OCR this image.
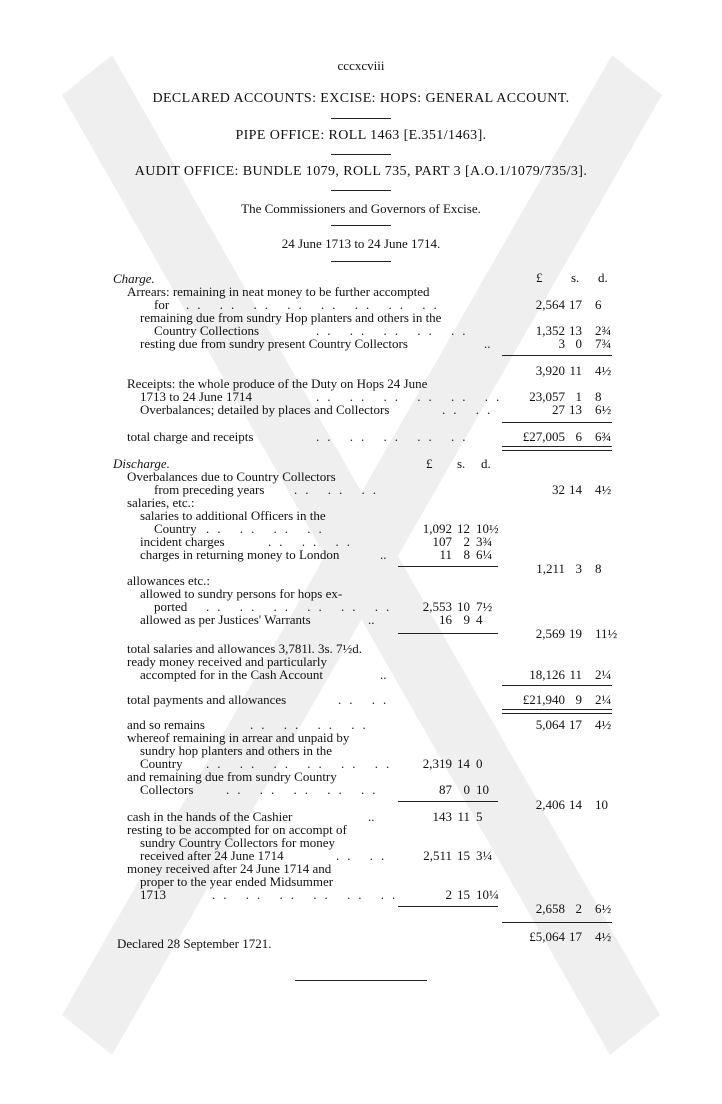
cccxcviii
DECLARED ACCOUNTS: EXCISE: HOPS: GENERAL ACCOUNT.
PIPE OFFICE: ROLL 1463 [E.351/1463].
AUDIT OFFICE: BUNDLE 1079, ROLL 735, PART 3 [A.O.1/1079/735/3].
The Commissioners and Governors of Excise.
24 June 1713 to 24 June 1714.
£ s. d.
Charge.
Arrears: remaining in neat money to be further accompted
for .. .. .. .. .. .. .. ..	2,564 17 6
remaining due from sundry Hop planters and others in the
Country Collections	.. .. .. .. ..	1,352 13 2¾
resting due from sundry present Country Collectors	..	3 0 7¾
3,920 11 4½
Receipts: the whole produce of the Duty on Hops 24 June
1713 to 24 June 1714	.. .. .. .. .. ..	23,057 1 8
Overbalances; detailed by places and Collectors	.. ..	27 13 6½
total charge and receipts	.. .. .. .. ..	£27,005 6 6¾
Discharge.	£ s. d.
Overbalances due to Country Collectors
from preceding years .. .. ..	32 14 4½
salaries, etc.:
salaries to additional Officers in the
Country .. .. .. ..	1,092 12 10½
incident charges	.. .. ..	107 2 3¾
charges in returning money to London	..	11 8 6¼
1,211 3 8
allowances etc.:
allowed to sundry persons for hops ex-
ported .. .. .. .. .. ..	2,553 10 7½
allowed as per Justices' Warrants	..	16 9 4
2,569 19 11½
total salaries and allowances 3,781l. 3s. 7½d.
ready money received and particularly
accompted for in the Cash Account	..	18,126 11 2¼
total payments and allowances	.. ..	£21,940 9 2¼
and so remains	.. .. .. ..	5,064 17 4½
whereof remaining in arrear and unpaid by
sundry hop planters and others in the
Country .. .. .. .. .. ..	2,319 14 0
and remaining due from sundry Country
Collectors	.. .. .. .. ..	87 0 10
2,406 14 10
cash in the hands of the Cashier	..	143 11 5
resting to be accompted for on accompt of
sundry Country Collectors for money
received after 24 June 1714	.. ..	2,511 15 3¼
money received after 24 June 1714 and
proper to the year ended Midsummer
1713	.. .. .. .. .. ..	2 15 10¼
2,658 2 6½
£5,064 17 4½
Declared 28 September 1721.
